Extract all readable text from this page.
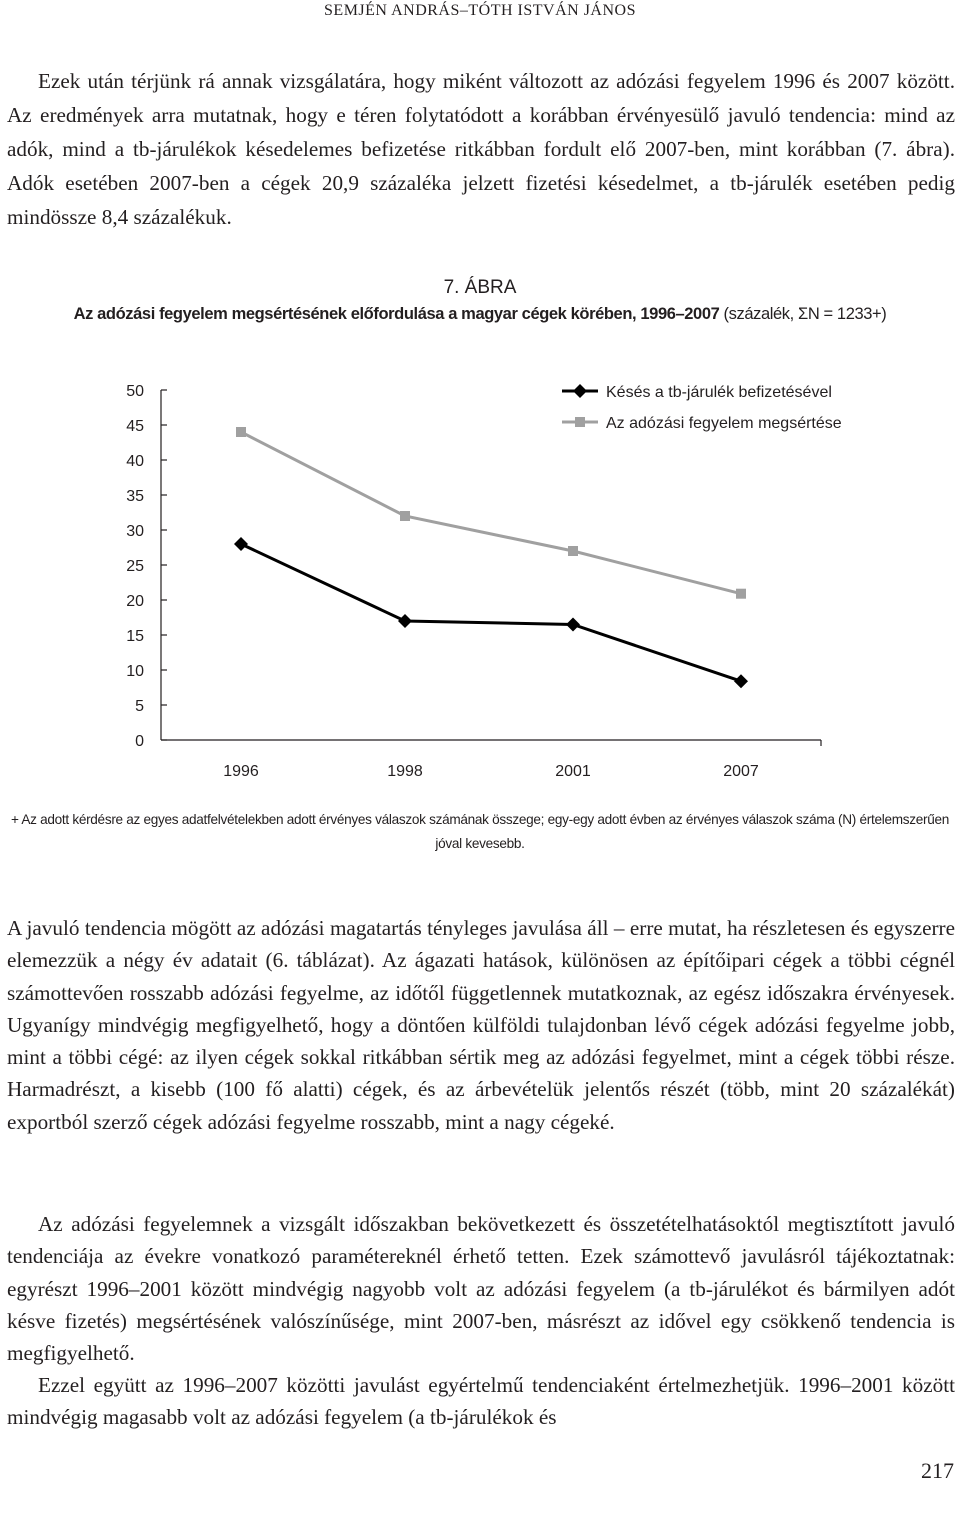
SEMJÉN ANDRÁS–TÓTH ISTVÁN JÁNOS

Ezek után térjünk rá annak vizsgálatára, hogy miként változott az adózási fegyelem 1996 és 2007 között. Az eredmények arra mutatnak, hogy e téren folytatódott a korábban érvényesülő javuló tendencia: mind az adók, mind a tb-járulékok késedelemes befizetése ritkábban fordult elő 2007-ben, mint korábban (7. ábra). Adók esetében 2007-ben a cégek 20,9 százaléka jelzett fizetési késedelmet, a tb-járulék esetében pedig mindössze 8,4 százalékuk.

7. ÁBRA
Az adózási fegyelem megsértésének előfordulása a magyar cégek körében, 1996–2007 (százalék, ΣN = 1233+)
0
5
10
15
20
25
30
35
40
45
50
1996	1998	2001	2007
Késés a tb-járulék befizetésével
Az adózási fegyelem megsértése
+ Az adott kérdésre az egyes adatfelvételekben adott érvényes válaszok számának összege; egy-egy adott évben az érvényes válaszok száma (N) értelemszerűen jóval kevesebb.

A javuló tendencia mögött az adózási magatartás tényleges javulása áll – erre mutat, ha részletesen és egyszerre elemezzük a négy év adatait (6. táblázat). Az ágazati hatások, különösen az építőipari cégek a többi cégnél számottevően rosszabb adózási fegyelme, az időtől függetlennek mutatkoznak, az egész időszakra érvényesek. Ugyanígy mindvégig megfigyelhető, hogy a döntően külföldi tulajdonban lévő cégek adózási fegyelme jobb, mint a többi cégé: az ilyen cégek sokkal ritkábban sértik meg az adózási fegyelmet, mint a cégek többi része. Harmadrészt, a kisebb (100 fő alatti) cégek, és az árbevételük jelentős részét (több, mint 20 százalékát) exportból szerző cégek adózási fegyelme rosszabb, mint a nagy cégeké.

Az adózási fegyelemnek a vizsgált időszakban bekövetkezett és összetételhatásoktól megtisztított javuló tendenciája az évekre vonatkozó paramétereknél érhető tetten. Ezek számottevő javulásról tájékoztatnak: egyrészt 1996–2001 között mindvégig nagyobb volt az adózási fegyelem (a tb-járulékot és bármilyen adót késve fizetés) megsértésének valószínűsége, mint 2007-ben, másrészt az idővel egy csökkenő tendencia is megfigyelhető.

Ezzel együtt az 1996–2007 közötti javulást egyértelmű tendenciaként értelmezhetjük. 1996–2001 között mindvégig magasabb volt az adózási fegyelem (a tb-járulékok és

217
